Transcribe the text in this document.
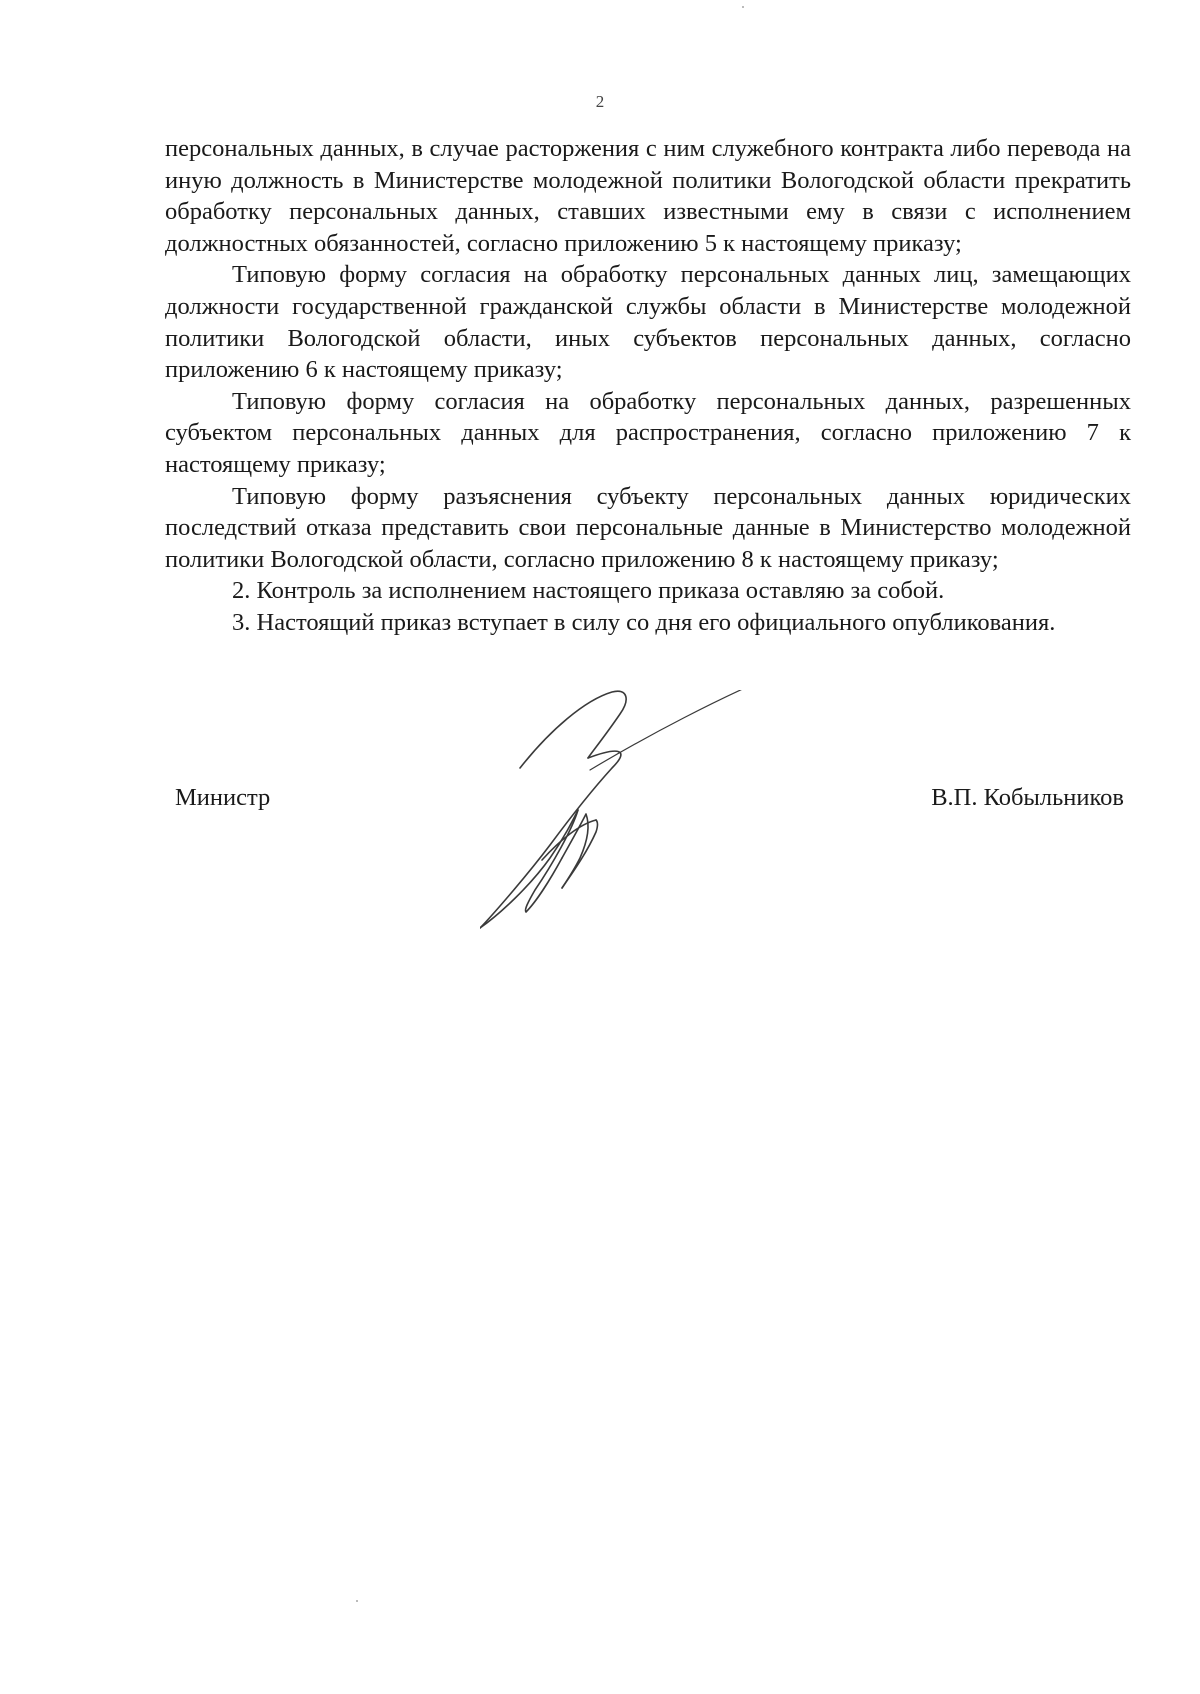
2

персональных данных, в случае расторжения с ним служебного контракта либо перевода на иную должность в Министерстве молодежной политики Вологодской области прекратить обработку персональных данных, ставших известными ему в связи с исполнением должностных обязанностей, согласно приложению 5 к настоящему приказу;

Типовую форму согласия на обработку персональных данных лиц, замещающих должности государственной гражданской службы области в Министерстве молодежной политики Вологодской области, иных субъектов персональных данных, согласно приложению 6 к настоящему приказу;

Типовую форму согласия на обработку персональных данных, разрешенных субъектом персональных данных для распространения, согласно приложению 7 к настоящему приказу;

Типовую форму разъяснения субъекту персональных данных юридических последствий отказа представить свои персональные данные в Министерство молодежной политики Вологодской области, согласно приложению 8 к настоящему приказу;

2. Контроль за исполнением настоящего приказа оставляю за собой.

3. Настоящий приказ вступает в силу со дня его официального опубликования.

Министр	В.П. Кобыльников
